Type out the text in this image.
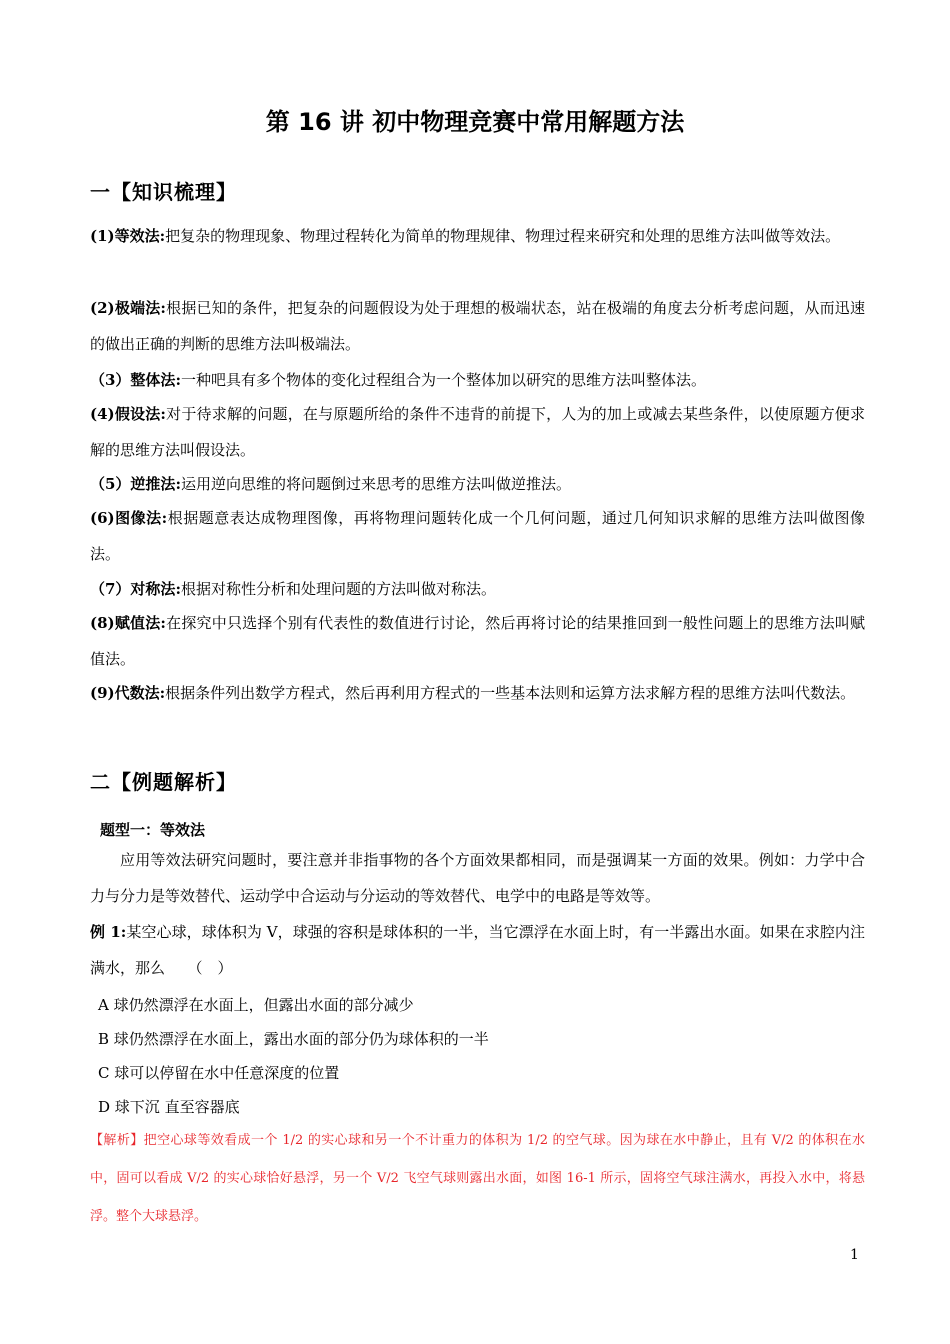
第 16 讲 初中物理竞赛中常用解题方法
一【知识梳理】
(1)等效法:把复杂的物理现象、物理过程转化为简单的物理规律、物理过程来研究和处理的思维方法叫做等效法。
(2)极端法:根据已知的条件，把复杂的问题假设为处于理想的极端状态，站在极端的角度去分析考虑问题，从而迅速的做出正确的判断的思维方法叫极端法。
（3）整体法:一种吧具有多个物体的变化过程组合为一个整体加以研究的思维方法叫整体法。
(4)假设法:对于待求解的问题，在与原题所给的条件不违背的前提下，人为的加上或减去某些条件，以使原题方便求解的思维方法叫假设法。
（5）逆推法:运用逆向思维的将问题倒过来思考的思维方法叫做逆推法。
(6)图像法:根据题意表达成物理图像，再将物理问题转化成一个几何问题，通过几何知识求解的思维方法叫做图像法。
（7）对称法:根据对称性分析和处理问题的方法叫做对称法。
(8)赋值法:在探究中只选择个别有代表性的数值进行讨论，然后再将讨论的结果推回到一般性问题上的思维方法叫赋值法。
(9)代数法:根据条件列出数学方程式，然后再利用方程式的一些基本法则和运算方法求解方程的思维方法叫代数法。
二【例题解析】
题型一：等效法
应用等效法研究问题时，要注意并非指事物的各个方面效果都相同，而是强调某一方面的效果。例如：力学中合力与分力是等效替代、运动学中合运动与分运动的等效替代、电学中的电路是等效等。
例 1:某空心球，球体积为 V，球强的容积是球体积的一半，当它漂浮在水面上时，有一半露出水面。如果在求腔内注满水，那么　　（　）
A 球仍然漂浮在水面上，但露出水面的部分减少
B 球仍然漂浮在水面上，露出水面的部分仍为球体积的一半
C 球可以停留在水中任意深度的位置
D 球下沉 直至容器底
【解析】把空心球等效看成一个 1/2 的实心球和另一个不计重力的体积为 1/2 的空气球。因为球在水中静止，且有 V/2 的体积在水中，固可以看成 V/2 的实心球恰好悬浮，另一个 V/2 飞空气球则露出水面，如图 16-1 所示，固将空气球注满水，再投入水中，将悬浮。整个大球悬浮。
1
